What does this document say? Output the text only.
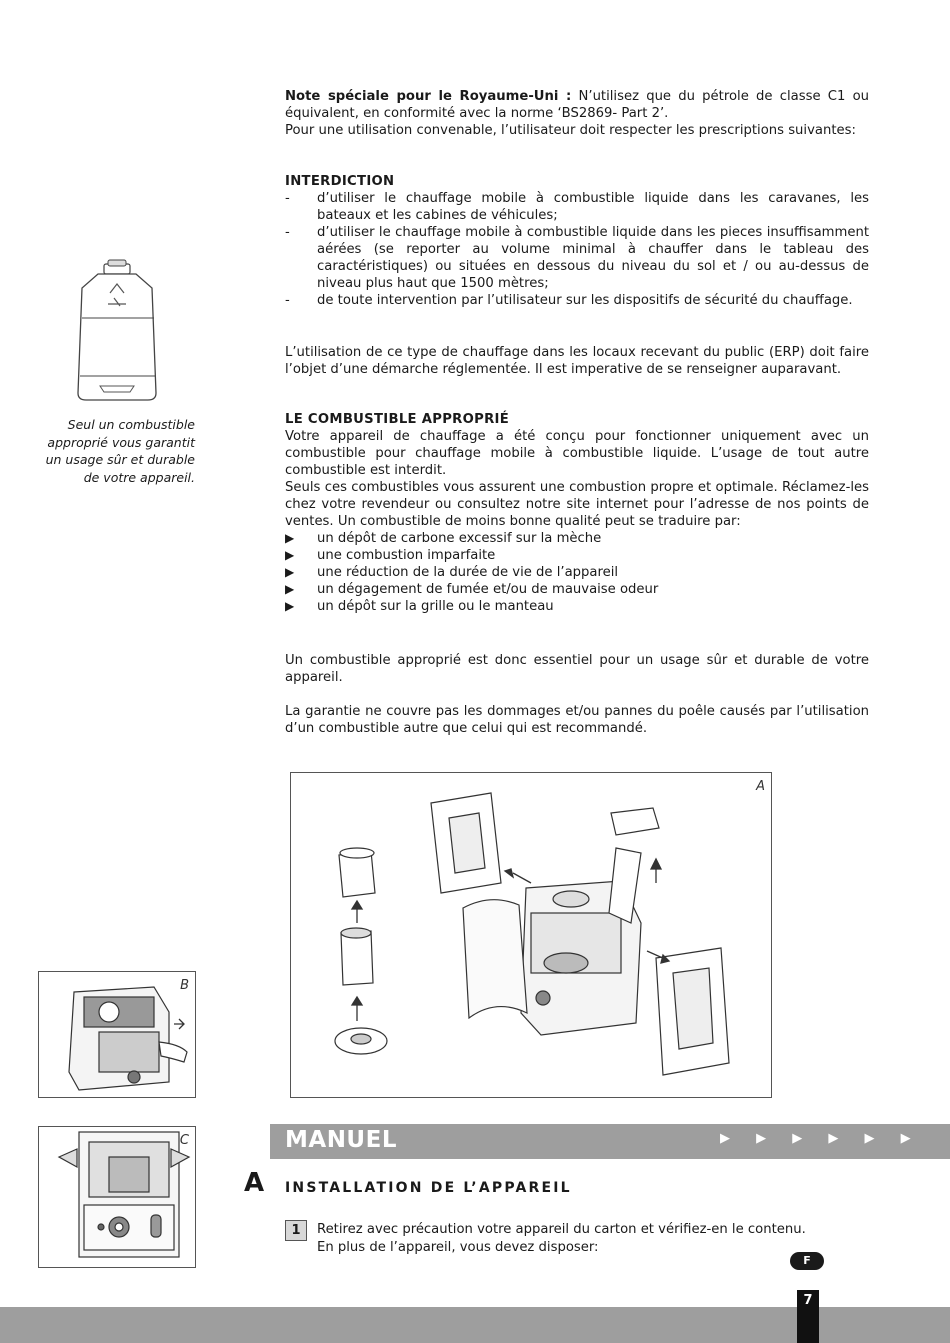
Note spéciale pour le Royaume-Uni : N’utilisez que du pétrole de classe C1 ou équivalent, en conformité avec la norme ‘BS2869- Part 2’.

Pour une utilisation convenable, l’utilisateur doit respecter les prescriptions suivantes:

INTERDICTION
- d’utiliser le chauffage mobile à combustible liquide dans les caravanes, les bateaux et les cabines de véhicules;
- d’utiliser le chauffage mobile à combustible liquide dans les pieces insuffisamment aérées (se reporter au volume minimal à chauffer dans le tableau des caractéristiques) ou situées en dessous du niveau du sol et / ou au-dessus de niveau plus haut que 1500 mètres;
- de toute intervention par l’utilisateur sur les dispositifs de sécurité du chauffage.

L’utilisation de ce type de chauffage dans les locaux recevant du public (ERP) doit faire l’objet d’une démarche réglementée. Il est imperative de se renseigner auparavant.

LE COMBUSTIBLE APPROPRIÉ

Votre appareil de chauffage a été conçu pour fonctionner uniquement avec un combustible pour chauffage mobile à combustible liquide. L’usage de tout autre combustible est interdit.

Seuls ces combustibles vous assurent une combustion propre et optimale. Réclamez-les chez votre revendeur ou consultez notre site internet pour l’adresse de nos points de ventes. Un combustible de moins bonne qualité peut se traduire par:

▶ un dépôt de carbone excessif sur la mèche
▶ une combustion imparfaite
▶ une réduction de la durée de vie de l’appareil
▶ un dégagement de fumée et/ou de mauvaise odeur
▶ un dépôt sur la grille ou le manteau

Un combustible approprié est donc essentiel pour un usage sûr et durable de votre appareil.

La garantie ne couvre pas les dommages et/ou pannes du poêle causés par l’utilisation d’un combustible autre que celui qui est recommandé.

Seul un combustible approprié vous garantit un usage sûr et durable de votre appareil.
A
B
C	MANUEL	▶ ▶ ▶ ▶ ▶ ▶
A INSTALLATION DE L’APPAREIL
1	Retirez avec précaution votre appareil du carton et vérifiez-en le contenu.
En plus de l’appareil, vous devez disposer:
F
7
